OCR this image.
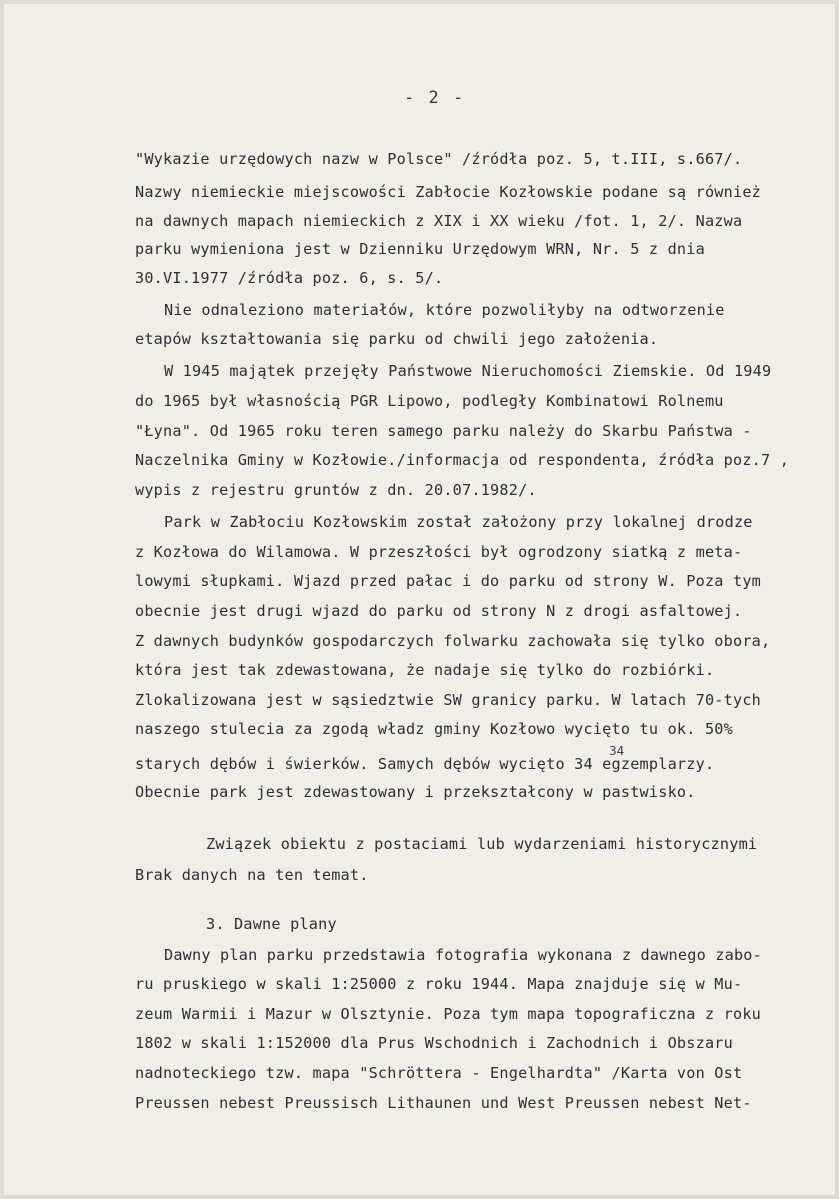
- 2 -
"Wykazie urzędowych nazw w Polsce" /źródła poz. 5, t.III, s.667/.
Nazwy niemieckie miejscowości Zabłocie Kozłowskie podane są również
na dawnych mapach niemieckich z XIX i XX wieku /fot. 1, 2/. Nazwa
parku wymieniona jest w Dzienniku Urzędowym WRN, Nr. 5 z dnia
30.VI.1977 /źródła poz. 6, s. 5/.
Nie odnaleziono materiałów, które pozwoliłyby na odtworzenie
etapów kształtowania się parku od chwili jego założenia.
W 1945 majątek przejęły Państwowe Nieruchomości Ziemskie. Od 1949
do 1965 był własnością PGR Lipowo, podległy Kombinatowi Rolnemu
"Łyna". Od 1965 roku teren samego parku należy do Skarbu Państwa -
Naczelnika Gminy w Kozłowie./informacja od respondenta, źródła poz.7 ,
wypis z rejestru gruntów z dn. 20.07.1982/.
Park w Zabłociu Kozłowskim został założony przy lokalnej drodze
z Kozłowa do Wilamowa. W przeszłości był ogrodzony siatką z meta-
lowymi słupkami. Wjazd przed pałac i do parku od strony W. Poza tym
obecnie jest drugi wjazd do parku od strony N z drogi asfaltowej.
Z dawnych budynków gospodarczych folwarku zachowała się tylko obora,
która jest tak zdewastowana, że nadaje się tylko do rozbiórki.
Zlokalizowana jest w sąsiedztwie SW granicy parku. W latach 70-tych
naszego stulecia za zgodą władz gminy Kozłowo wycięto tu ok. 50%
34
starych dębów i świerków. Samych dębów wycięto 34 egzemplarzy.
Obecnie park jest zdewastowany i przekształcony w pastwisko.
Związek obiektu z postaciami lub wydarzeniami historycznymi
Brak danych na ten temat.
3. Dawne plany
Dawny plan parku przedstawia fotografia wykonana z dawnego zabo-
ru pruskiego w skali 1:25000 z roku 1944. Mapa znajduje się w Mu-
zeum Warmii i Mazur w Olsztynie. Poza tym mapa topograficzna z roku
1802 w skali 1:152000 dla Prus Wschodnich i Zachodnich i Obszaru
nadnoteckiego tzw. mapa "Schröttera - Engelhardta" /Karta von Ost
Preussen nebest Preussisch Lithaunen und West Preussen nebest Net-
